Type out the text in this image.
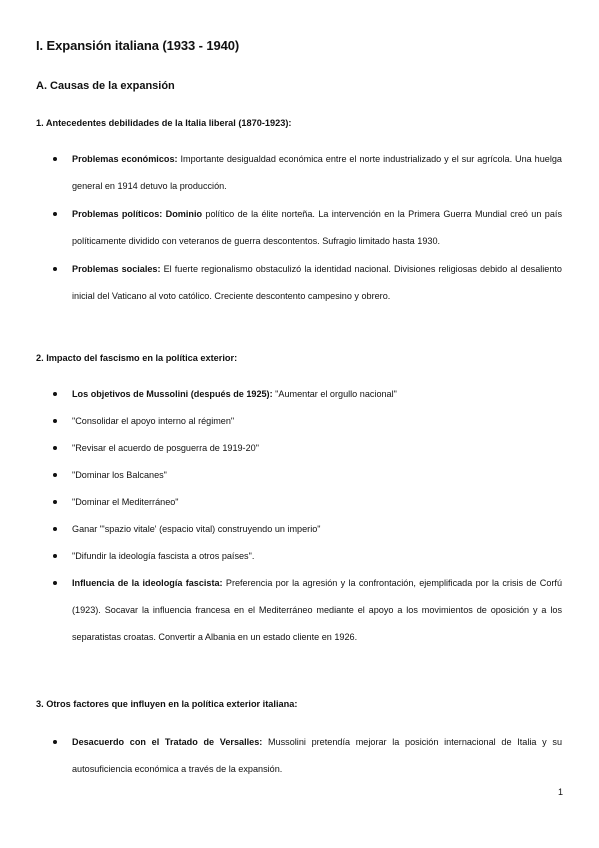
I. Expansión italiana (1933 - 1940)
A. Causas de la expansión
1. Antecedentes debilidades de la Italia liberal (1870-1923):
Problemas económicos: Importante desigualdad económica entre el norte industrializado y el sur agrícola. Una huelga general en 1914 detuvo la producción.
Problemas políticos: Dominio político de la élite norteña. La intervención en la Primera Guerra Mundial creó un país políticamente dividido con veteranos de guerra descontentos. Sufragio limitado hasta 1930.
Problemas sociales: El fuerte regionalismo obstaculizó la identidad nacional. Divisiones religiosas debido al desaliento inicial del Vaticano al voto católico. Creciente descontento campesino y obrero.
2. Impacto del fascismo en la política exterior:
Los objetivos de Mussolini (después de 1925): "Aumentar el orgullo nacional"
"Consolidar el apoyo interno al régimen"
"Revisar el acuerdo de posguerra de 1919-20"
"Dominar los Balcanes"
"Dominar el Mediterráneo"
Ganar "'spazio vitale' (espacio vital) construyendo un imperio"
"Difundir la ideología fascista a otros países".
Influencia de la ideología fascista: Preferencia por la agresión y la confrontación, ejemplificada por la crisis de Corfú (1923). Socavar la influencia francesa en el Mediterráneo mediante el apoyo a los movimientos de oposición y a los separatistas croatas. Convertir a Albania en un estado cliente en 1926.
3. Otros factores que influyen en la política exterior italiana:
Desacuerdo con el Tratado de Versalles: Mussolini pretendía mejorar la posición internacional de Italia y su autosuficiencia económica a través de la expansión.
1
